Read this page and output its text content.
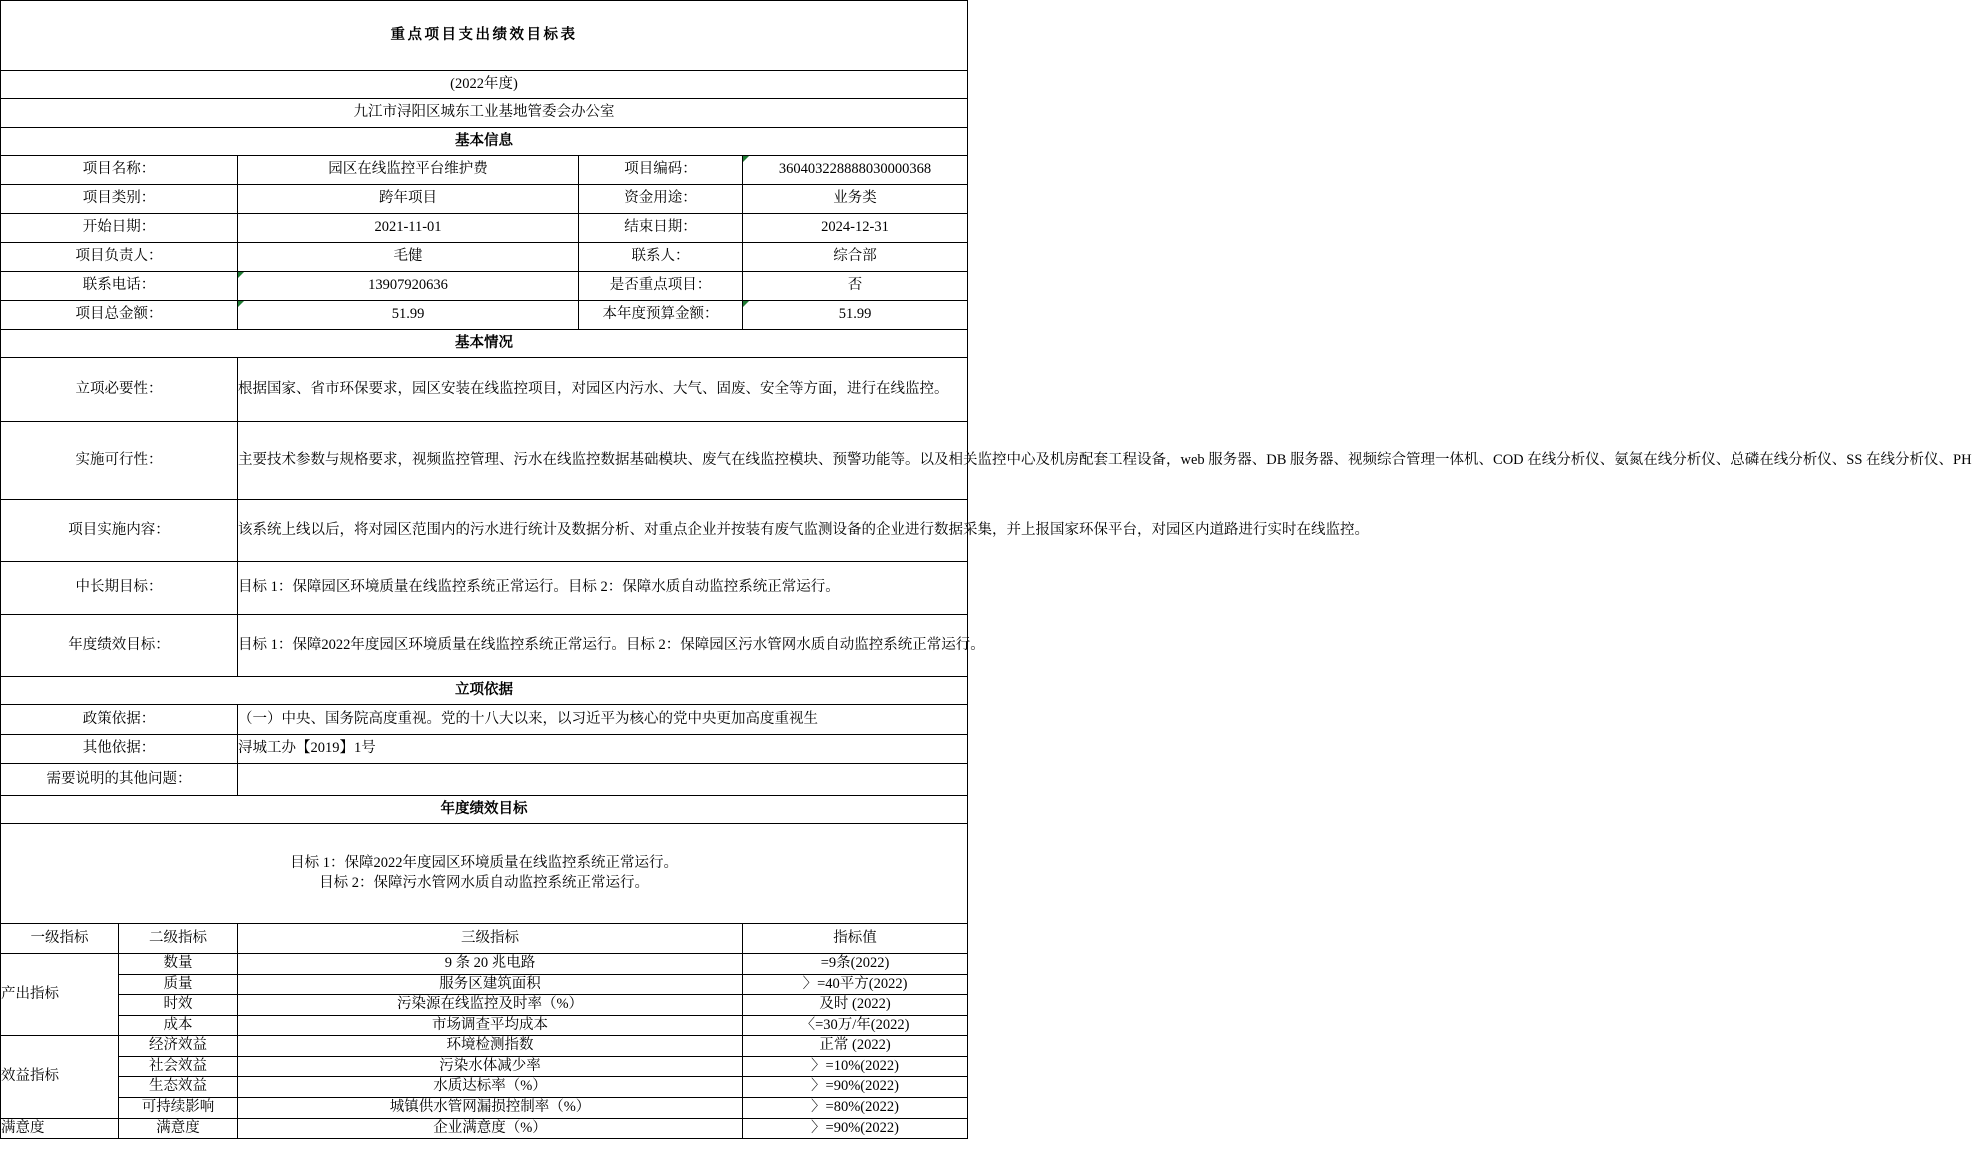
重点项目支出绩效目标表				
(2022年度)				
九江市浔阳区城东工业基地管委会办公室				
基本信息				
项目名称：		园区在线监控平台维护费	项目编码：	360403228888030000368
项目类别：		跨年项目	资金用途：	业务类
开始日期：		2021-11-01	结束日期：	2024-12-31
项目负责人：		毛健	联系人：	综合部
联系电话：		13907920636	是否重点项目：	否
项目总金额：		51.99	本年度预算金额：	51.99
基本情况				
立项必要性：		根据国家、省市环保要求，园区安装在线监控项目，对园区内污水、大气、固废、安全等方面，进行在线监控。		
实施可行性：		主要技术参数与规格要求，视频监控管理、污水在线监控数据基础模块、废气在线监控模块、预警功能等。以及相关监控中心及机房配套工程设备，web 服务器、DB 服务器、视频综合管理一体机、COD 在线分析仪、氨氮在线分析仪、总磷在线分析仪、SS 在线分析仪、PH		
项目实施内容：		该系统上线以后，将对园区范围内的污水进行统计及数据分析、对重点企业并按装有废气监测设备的企业进行数据采集，并上报国家环保平台，对园区内道路进行实时在线监控。		
中长期目标：		目标 1：保障园区环境质量在线监控系统正常运行。目标 2：保障水质自动监控系统正常运行。		
年度绩效目标：		目标 1：保障2022年度园区环境质量在线监控系统正常运行。目标 2：保障园区污水管网水质自动监控系统正常运行。		
立项依据				
政策依据：		（一）中央、国务院高度重视。党的十八大以来，以习近平为核心的党中央更加高度重视生		
其他依据：		浔城工办【2019】1号		
需要说明的其他问题：				
年度绩效目标				

目标 1：保障2022年度园区环境质量在线监控系统正常运行。
目标 2：保障污水管网水质自动监控系统正常运行。				

一级指标	二级指标	三级指标		指标值
产出指标	数量	9 条 20 兆电路		=9条(2022)
	质量	服务区建筑面积		〉=40平方(2022)
	时效	污染源在线监控及时率（%）		及时 (2022)
	成本	市场调查平均成本		〈=30万/年(2022)
效益指标	经济效益	环境检测指数		正常 (2022)
	社会效益	污染水体减少率		〉=10%(2022)
	生态效益	水质达标率（%）		〉=90%(2022)
	可持续影响	城镇供水管网漏损控制率（%）		〉=80%(2022)
满意度	满意度	企业满意度（%）		〉=90%(2022)
